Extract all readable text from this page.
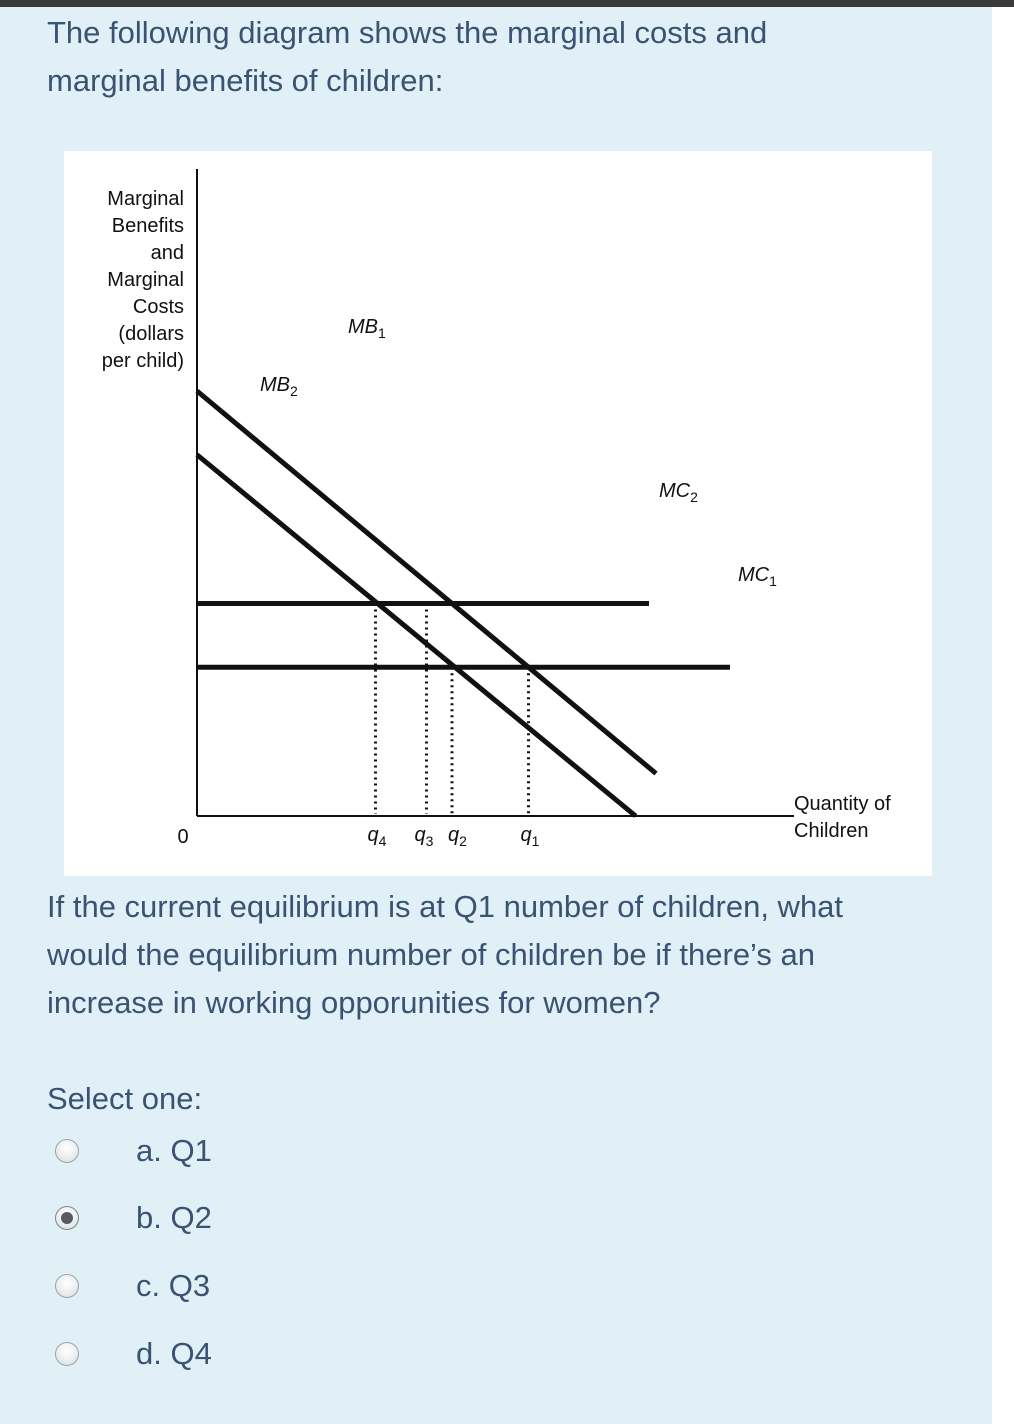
The following diagram shows the marginal costs and
marginal benefits of children:

Marginal
Benefits
and
Marginal
Costs
(dollars
per child)
0
$MB_1$
$MB_2$
$MC_2$
$MC_1$
$q_4$ $q_3$ $q_2$	$q_1$
Quantity of
Children

If the current equilibrium is at Q1 number of children, what
would the equilibrium number of children be if there’s an
increase in working opporunities for women?

Select one:
a. Q1
b. Q2
c. Q3
d. Q4
